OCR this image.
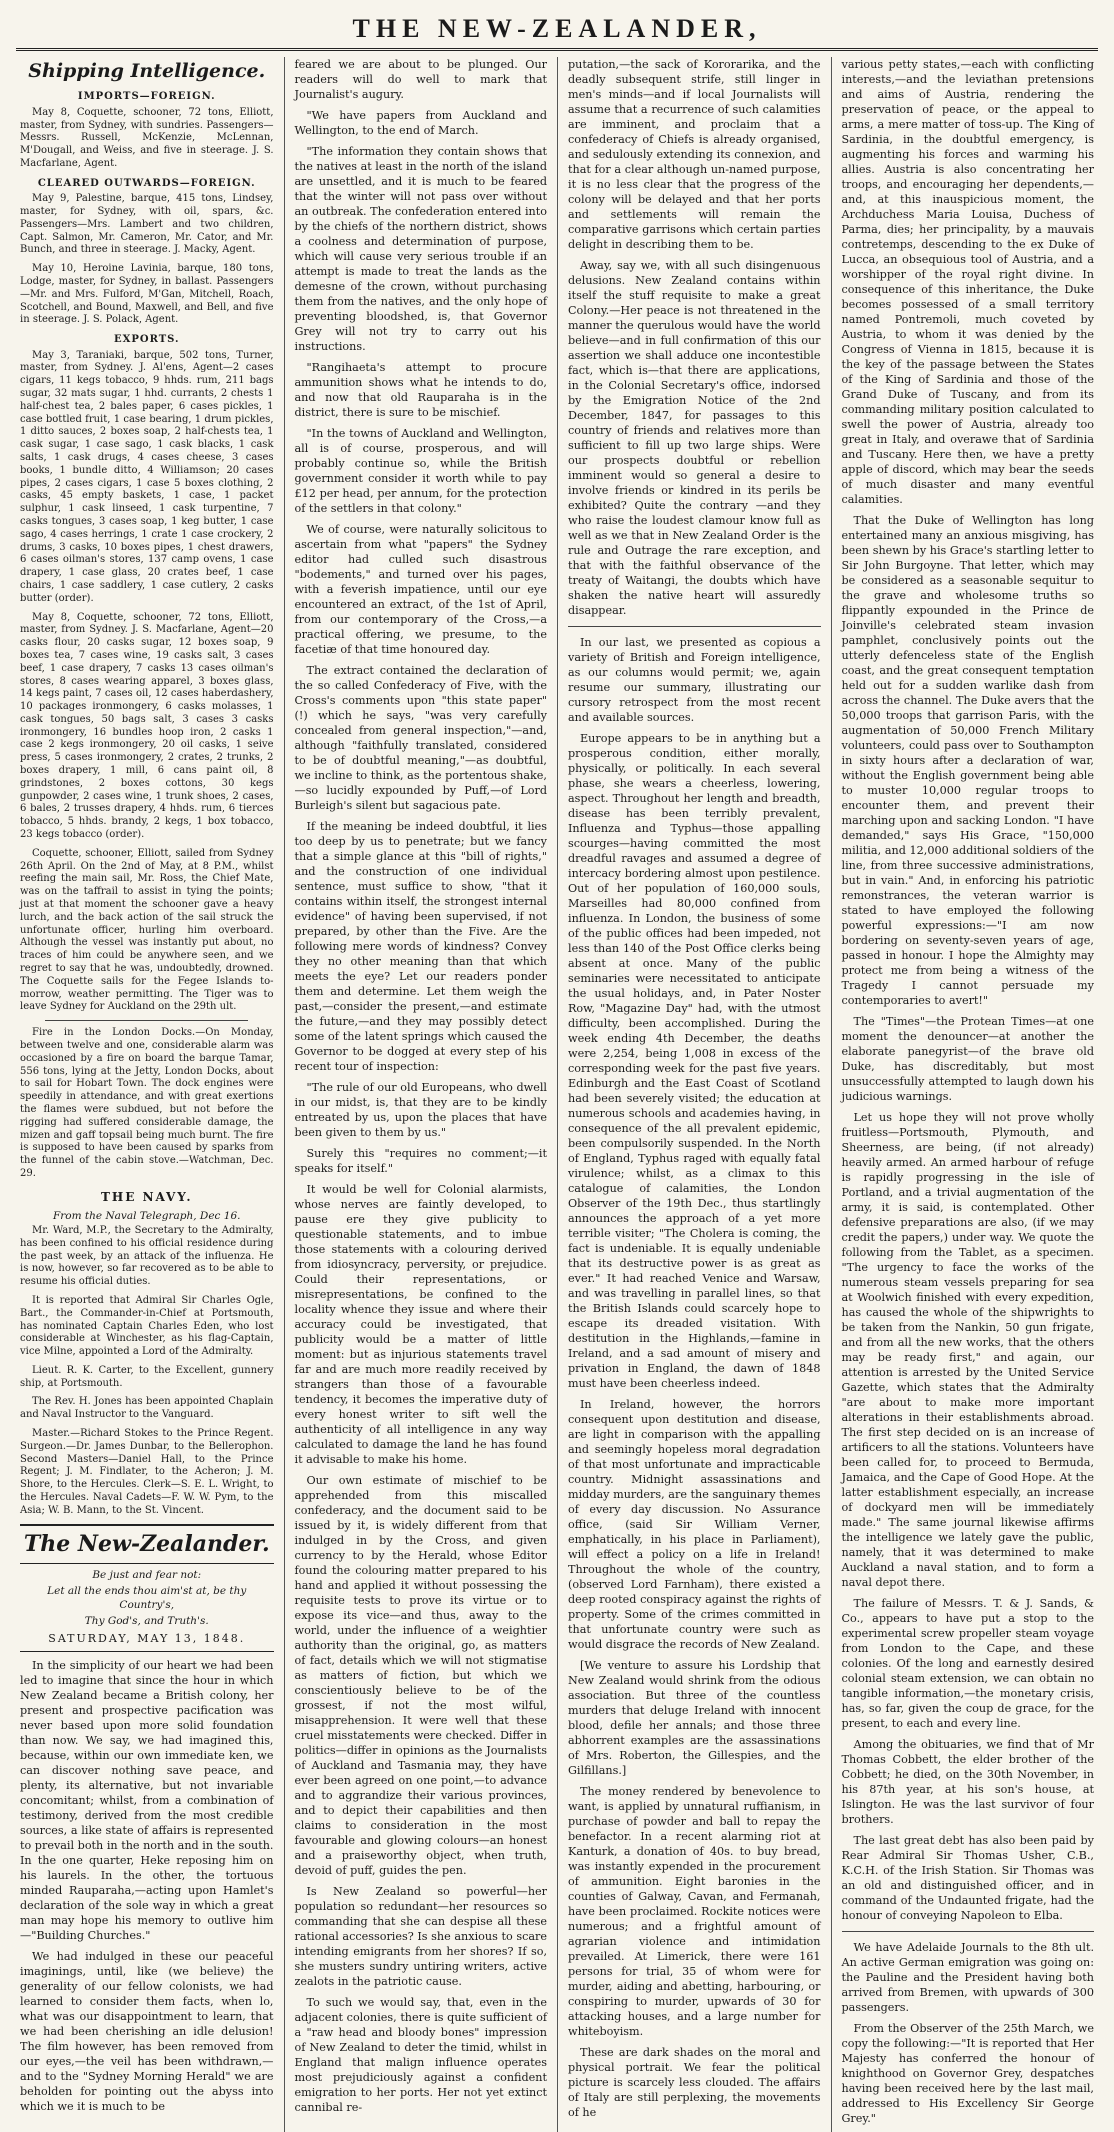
THE NEW-ZEALANDER,
Shipping Intelligence.
IMPORTS—FOREIGN.

May 8, Coquette, schooner, 72 tons, Elliott, master, from Sydney, with sundries. Passengers—Messrs. Russell, McKenzie, McLennan, M'Dougall, and Weiss, and five in steerage. J. S. Macfarlane, Agent.

CLEARED OUTWARDS—FOREIGN.

May 9, Palestine, barque, 415 tons, Lindsey, master, for Sydney, with oil, spars, &c. Passengers—Mrs. Lambert and two children, Capt. Salmon, Mr. Cameron, Mr. Cator, and Mr. Bunch, and three in steerage. J. Macky, Agent.

May 10, Heroine Lavinia, barque, 180 tons, Lodge, master, for Sydney, in ballast. Passengers—Mr. and Mrs. Fulford, M'Gan, Mitchell, Roach, Scotchell, and Bound, Maxwell, and Bell, and five in steerage. J. S. Polack, Agent.

EXPORTS.

May 3, Taraniaki, barque, 502 tons, Turner, master, from Sydney. J. Al'ens, Agent—2 cases cigars, 11 kegs tobacco, 9 hhds. rum, 211 bags sugar, 32 mats sugar, 1 hhd. currants, 2 chests 1 half-chest tea, 2 bales paper, 6 cases pickles, 1 case bottled fruit, 1 case bearing, 1 drum pickles, 1 ditto sauces, 2 boxes soap, 2 half-chests tea, 1 cask sugar, 1 case sago, 1 cask blacks, 1 cask salts, 1 cask drugs, 4 cases cheese, 3 cases books, 1 bundle ditto, 4 Williamson; 20 cases pipes, 2 cases cigars, 1 case 5 boxes clothing, 2 casks, 45 empty baskets, 1 case, 1 packet sulphur, 1 cask linseed, 1 cask turpentine, 7 casks tongues, 3 cases soap, 1 keg butter, 1 case sago, 4 cases herrings, 1 crate 1 case crockery, 2 drums, 3 casks, 10 boxes pipes, 1 chest drawers, 6 cases oilman's stores, 137 camp ovens, 1 case drapery, 1 case glass, 20 crates beef, 1 case chairs, 1 case saddlery, 1 case cutlery, 2 casks butter (order).

May 8, Coquette, schooner, 72 tons, Elliott, master, from Sydney. J. S. Macfarlane, Agent—20 casks flour, 20 casks sugar, 12 boxes soap, 9 boxes tea, 7 cases wine, 19 casks salt, 3 cases beef, 1 case drapery, 7 casks 13 cases oilman's stores, 8 cases wearing apparel, 3 boxes glass, 14 kegs paint, 7 cases oil, 12 cases haberdashery, 10 packages ironmongery, 6 casks molasses, 1 cask tongues, 50 bags salt, 3 cases 3 casks ironmongery, 16 bundles hoop iron, 2 casks 1 case 2 kegs ironmongery, 20 oil casks, 1 seive press, 5 cases ironmongery, 2 crates, 2 trunks, 2 boxes drapery, 1 mill, 6 cans paint oil, 8 grindstones, 2 boxes cottons, 30 kegs gunpowder, 2 cases wine, 1 trunk shoes, 2 cases, 6 bales, 2 trusses drapery, 4 hhds. rum, 6 tierces tobacco, 5 hhds. brandy, 2 kegs, 1 box tobacco, 23 kegs tobacco (order).

Coquette, schooner, Elliott, sailed from Sydney 26th April. On the 2nd of May, at 8 P.M., whilst reefing the main sail, Mr. Ross, the Chief Mate, was on the taffrail to assist in tying the points; just at that moment the schooner gave a heavy lurch, and the back action of the sail struck the unfortunate officer, hurling him overboard. Although the vessel was instantly put about, no traces of him could be anywhere seen, and we regret to say that he was, undoubtedly, drowned. The Coquette sails for the Fegee Islands to-morrow, weather permitting. The Tiger was to leave Sydney for Auckland on the 29th ult.

Fire in the London Docks.—On Monday, between twelve and one, considerable alarm was occasioned by a fire on board the barque Tamar, 556 tons, lying at the Jetty, London Docks, about to sail for Hobart Town. The dock engines were speedily in attendance, and with great exertions the flames were subdued, but not before the rigging had suffered considerable damage, the mizen and gaff topsail being much burnt. The fire is supposed to have been caused by sparks from the funnel of the cabin stove.—Watchman, Dec. 29.

THE NAVY.
From the Naval Telegraph, Dec 16.

Mr. Ward, M.P., the Secretary to the Admiralty, has been confined to his official residence during the past week, by an attack of the influenza. He is now, however, so far recovered as to be able to resume his official duties.

It is reported that Admiral Sir Charles Ogle, Bart., the Commander-in-Chief at Portsmouth, has nominated Captain Charles Eden, who lost considerable at Winchester, as his flag-Captain, vice Milne, appointed a Lord of the Admiralty.

Lieut. R. K. Carter, to the Excellent, gunnery ship, at Portsmouth.

The Rev. H. Jones has been appointed Chaplain and Naval Instructor to the Vanguard.

Master.—Richard Stokes to the Prince Regent. Surgeon.—Dr. James Dunbar, to the Bellerophon. Second Masters—Daniel Hall, to the Prince Regent; J. M. Findlater, to the Acheron; J. M. Shore, to the Hercules. Clerk—S. E. L. Wright, to the Hercules. Naval Cadets—F. W. W. Pym, to the Asia; W. B. Mann, to the St. Vincent.

The New-Zealander.
Be just and fear not:
Let all the ends thou aim'st at, be thy Country's,
Thy God's, and Truth's.
SATURDAY, MAY 13, 1848.

In the simplicity of our heart we had been led to imagine that since the hour in which New Zealand became a British colony, her present and prospective pacification was never based upon more solid foundation than now. We say, we had imagined this, because, within our own immediate ken, we can discover nothing save peace, and plenty, its alternative, but not invariable concomitant; whilst, from a combination of testimony, derived from the most credible sources, a like state of affairs is represented to prevail both in the north and in the south. In the one quarter, Heke reposing him on his laurels. In the other, the tortuous minded Rauparaha,—acting upon Hamlet's declaration of the sole way in which a great man may hope his memory to outlive him—"Building Churches."

We had indulged in these our peaceful imaginings, until, like (we believe) the generality of our fellow colonists, we had learned to consider them facts, when lo, what was our disappointment to learn, that we had been cherishing an idle delusion! The film however, has been removed from our eyes,—the veil has been withdrawn,—and to the "Sydney Morning Herald" we are beholden for pointing out the abyss into which we it is much to be

feared we are about to be plunged. Our readers will do well to mark that Journalist's augury.

"We have papers from Auckland and Wellington, to the end of March.

"The information they contain shows that the natives at least in the north of the island are unsettled, and it is much to be feared that the winter will not pass over without an outbreak. The confederation entered into by the chiefs of the northern district, shows a coolness and determination of purpose, which will cause very serious trouble if an attempt is made to treat the lands as the demesne of the crown, without purchasing them from the natives, and the only hope of preventing bloodshed, is, that Governor Grey will not try to carry out his instructions.

"Rangihaeta's attempt to procure ammunition shows what he intends to do, and now that old Rauparaha is in the district, there is sure to be mischief.

"In the towns of Auckland and Wellington, all is of course, prosperous, and will probably continue so, while the British government consider it worth while to pay £12 per head, per annum, for the protection of the settlers in that colony."

We of course, were naturally solicitous to ascertain from what "papers" the Sydney editor had culled such disastrous "bodements," and turned over his pages, with a feverish impatience, until our eye encountered an extract, of the 1st of April, from our contemporary of the Cross,—a practical offering, we presume, to the facetiæ of that time honoured day.

The extract contained the declaration of the so called Confederacy of Five, with the Cross's comments upon "this state paper" (!) which he says, "was very carefully concealed from general inspection,"—and, although "faithfully translated, considered to be of doubtful meaning,"—as doubtful, we incline to think, as the portentous shake,—so lucidly expounded by Puff,—of Lord Burleigh's silent but sagacious pate.

If the meaning be indeed doubtful, it lies too deep by us to penetrate; but we fancy that a simple glance at this "bill of rights," and the construction of one individual sentence, must suffice to show, "that it contains within itself, the strongest internal evidence" of having been supervised, if not prepared, by other than the Five. Are the following mere words of kindness? Convey they no other meaning than that which meets the eye? Let our readers ponder them and determine. Let them weigh the past,—consider the present,—and estimate the future,—and they may possibly detect some of the latent springs which caused the Governor to be dogged at every step of his recent tour of inspection:

"The rule of our old Europeans, who dwell in our midst, is, that they are to be kindly entreated by us, upon the places that have been given to them by us."

Surely this "requires no comment;—it speaks for itself."

It would be well for Colonial alarmists, whose nerves are faintly developed, to pause ere they give publicity to questionable statements, and to imbue those statements with a colouring derived from idiosyncracy, perversity, or prejudice. Could their representations, or misrepresentations, be confined to the locality whence they issue and where their accuracy could be investigated, that publicity would be a matter of little moment: but as injurious statements travel far and are much more readily received by strangers than those of a favourable tendency, it becomes the imperative duty of every honest writer to sift well the authenticity of all intelligence in any way calculated to damage the land he has found it advisable to make his home.

Our own estimate of mischief to be apprehended from this miscalled confederacy, and the document said to be issued by it, is widely different from that indulged in by the Cross, and given currency to by the Herald, whose Editor found the colouring matter prepared to his hand and applied it without possessing the requisite tests to prove its virtue or to expose its vice—and thus, away to the world, under the influence of a weightier authority than the original, go, as matters of fact, details which we will not stigmatise as matters of fiction, but which we conscientiously believe to be of the grossest, if not the most wilful, misapprehension. It were well that these cruel misstatements were checked. Differ in politics—differ in opinions as the Journalists of Auckland and Tasmania may, they have ever been agreed on one point,—to advance and to aggrandize their various provinces, and to depict their capabilities and then claims to consideration in the most favourable and glowing colours—an honest and a praiseworthy object, when truth, devoid of puff, guides the pen.

Is New Zealand so powerful—her population so redundant—her resources so commanding that she can despise all these rational accessories? Is she anxious to scare intending emigrants from her shores? If so, she musters sundry untiring writers, active zealots in the patriotic cause.

To such we would say, that, even in the adjacent colonies, there is quite sufficient of a "raw head and bloody bones" impression of New Zealand to deter the timid, whilst in England that malign influence operates most prejudiciously against a confident emigration to her ports. Her not yet extinct cannibal re-

putation,—the sack of Kororarika, and the deadly subsequent strife, still linger in men's minds—and if local Journalists will assume that a recurrence of such calamities are imminent, and proclaim that a confederacy of Chiefs is already organised, and sedulously extending its connexion, and that for a clear although un-named purpose, it is no less clear that the progress of the colony will be delayed and that her ports and settlements will remain the comparative garrisons which certain parties delight in describing them to be.

Away, say we, with all such disingenuous delusions. New Zealand contains within itself the stuff requisite to make a great Colony.—Her peace is not threatened in the manner the querulous would have the world believe—and in full confirmation of this our assertion we shall adduce one incontestible fact, which is—that there are applications, in the Colonial Secretary's office, indorsed by the Emigration Notice of the 2nd December, 1847, for passages to this country of friends and relatives more than sufficient to fill up two large ships. Were our prospects doubtful or rebellion imminent would so general a desire to involve friends or kindred in its perils be exhibited? Quite the contrary —and they who raise the loudest clamour know full as well as we that in New Zealand Order is the rule and Outrage the rare exception, and that with the faithful observance of the treaty of Waitangi, the doubts which have shaken the native heart will assuredly disappear.

In our last, we presented as copious a variety of British and Foreign intelligence, as our columns would permit; we, again resume our summary, illustrating our cursory retrospect from the most recent and available sources.

Europe appears to be in anything but a prosperous condition, either morally, physically, or politically. In each several phase, she wears a cheerless, lowering, aspect. Throughout her length and breadth, disease has been terribly prevalent, Influenza and Typhus—those appalling scourges—having committed the most dreadful ravages and assumed a degree of intercacy bordering almost upon pestilence. Out of her population of 160,000 souls, Marseilles had 80,000 confined from influenza. In London, the business of some of the public offices had been impeded, not less than 140 of the Post Office clerks being absent at once. Many of the public seminaries were necessitated to anticipate the usual holidays, and, in Pater Noster Row, "Magazine Day" had, with the utmost difficulty, been accomplished. During the week ending 4th December, the deaths were 2,254, being 1,008 in excess of the corresponding week for the past five years. Edinburgh and the East Coast of Scotland had been severely visited; the education at numerous schools and academies having, in consequence of the all prevalent epidemic, been compulsorily suspended. In the North of England, Typhus raged with equally fatal virulence; whilst, as a climax to this catalogue of calamities, the London Observer of the 19th Dec., thus startlingly announces the approach of a yet more terrible visiter; "The Cholera is coming, the fact is undeniable. It is equally undeniable that its destructive power is as great as ever." It had reached Venice and Warsaw, and was travelling in parallel lines, so that the British Islands could scarcely hope to escape its dreaded visitation. With destitution in the Highlands,—famine in Ireland, and a sad amount of misery and privation in England, the dawn of 1848 must have been cheerless indeed.

In Ireland, however, the horrors consequent upon destitution and disease, are light in comparison with the appalling and seemingly hopeless moral degradation of that most unfortunate and impracticable country. Midnight assassinations and midday murders, are the sanguinary themes of every day discussion. No Assurance office, (said Sir William Verner, emphatically, in his place in Parliament), will effect a policy on a life in Ireland! Throughout the whole of the country, (observed Lord Farnham), there existed a deep rooted conspiracy against the rights of property. Some of the crimes committed in that unfortunate country were such as would disgrace the records of New Zealand.

[We venture to assure his Lordship that New Zealand would shrink from the odious association. But three of the countless murders that deluge Ireland with innocent blood, defile her annals; and those three abhorrent examples are the assassinations of Mrs. Roberton, the Gillespies, and the Gilfillans.]

The money rendered by benevolence to want, is applied by unnatural ruffianism, in purchase of powder and ball to repay the benefactor. In a recent alarming riot at Kanturk, a donation of 40s. to buy bread, was instantly expended in the procurement of ammunition. Eight baronies in the counties of Galway, Cavan, and Fermanah, have been proclaimed. Rockite notices were numerous; and a frightful amount of agrarian violence and intimidation prevailed. At Limerick, there were 161 persons for trial, 35 of whom were for murder, aiding and abetting, harbouring, or conspiring to murder, upwards of 30 for attacking houses, and a large number for whiteboyism.

These are dark shades on the moral and physical portrait. We fear the political picture is scarcely less clouded. The affairs of Italy are still perplexing, the movements of he

various petty states,—each with conflicting interests,—and the leviathan pretensions and aims of Austria, rendering the preservation of peace, or the appeal to arms, a mere matter of toss-up. The King of Sardinia, in the doubtful emergency, is augmenting his forces and warming his allies. Austria is also concentrating her troops, and encouraging her dependents,—and, at this inauspicious moment, the Archduchess Maria Louisa, Duchess of Parma, dies; her principality, by a mauvais contretemps, descending to the ex Duke of Lucca, an obsequious tool of Austria, and a worshipper of the royal right divine. In consequence of this inheritance, the Duke becomes possessed of a small territory named Pontremoli, much coveted by Austria, to whom it was denied by the Congress of Vienna in 1815, because it is the key of the passage between the States of the King of Sardinia and those of the Grand Duke of Tuscany, and from its commanding military position calculated to swell the power of Austria, already too great in Italy, and overawe that of Sardinia and Tuscany. Here then, we have a pretty apple of discord, which may bear the seeds of much disaster and many eventful calamities.

That the Duke of Wellington has long entertained many an anxious misgiving, has been shewn by his Grace's startling letter to Sir John Burgoyne. That letter, which may be considered as a seasonable sequitur to the grave and wholesome truths so flippantly expounded in the Prince de Joinville's celebrated steam invasion pamphlet, conclusively points out the utterly defenceless state of the English coast, and the great consequent temptation held out for a sudden warlike dash from across the channel. The Duke avers that the 50,000 troops that garrison Paris, with the augmentation of 50,000 French Military volunteers, could pass over to Southampton in sixty hours after a declaration of war, without the English government being able to muster 10,000 regular troops to encounter them, and prevent their marching upon and sacking London. "I have demanded," says His Grace, "150,000 militia, and 12,000 additional soldiers of the line, from three successive administrations, but in vain." And, in enforcing his patriotic remonstrances, the veteran warrior is stated to have employed the following powerful expressions:—"I am now bordering on seventy-seven years of age, passed in honour. I hope the Almighty may protect me from being a witness of the Tragedy I cannot persuade my contemporaries to avert!"

The "Times"—the Protean Times—at one moment the denouncer—at another the elaborate panegyrist—of the brave old Duke, has discreditably, but most unsuccessfully attempted to laugh down his judicious warnings.

Let us hope they will not prove wholly fruitless—Portsmouth, Plymouth, and Sheerness, are being, (if not already) heavily armed. An armed harbour of refuge is rapidly progressing in the isle of Portland, and a trivial augmentation of the army, it is said, is contemplated. Other defensive preparations are also, (if we may credit the papers,) under way. We quote the following from the Tablet, as a specimen. "The urgency to face the works of the numerous steam vessels preparing for sea at Woolwich finished with every expedition, has caused the whole of the shipwrights to be taken from the Nankin, 50 gun frigate, and from all the new works, that the others may be ready first," and again, our attention is arrested by the United Service Gazette, which states that the Admiralty "are about to make more important alterations in their establishments abroad. The first step decided on is an increase of artificers to all the stations. Volunteers have been called for, to proceed to Bermuda, Jamaica, and the Cape of Good Hope. At the latter establishment especially, an increase of dockyard men will be immediately made." The same journal likewise affirms the intelligence we lately gave the public, namely, that it was determined to make Auckland a naval station, and to form a naval depot there.

The failure of Messrs. T. & J. Sands, & Co., appears to have put a stop to the experimental screw propeller steam voyage from London to the Cape, and these colonies. Of the long and earnestly desired colonial steam extension, we can obtain no tangible information,—the monetary crisis, has, so far, given the coup de grace, for the present, to each and every line.

Among the obituaries, we find that of Mr Thomas Cobbett, the elder brother of the Cobbett; he died, on the 30th November, in his 87th year, at his son's house, at Islington. He was the last survivor of four brothers.

The last great debt has also been paid by Rear Admiral Sir Thomas Usher, C.B., K.C.H. of the Irish Station. Sir Thomas was an old and distinguished officer, and in command of the Undaunted frigate, had the honour of conveying Napoleon to Elba.

We have Adelaide Journals to the 8th ult. An active German emigration was going on: the Pauline and the President having both arrived from Bremen, with upwards of 300 passengers.

From the Observer of the 25th March, we copy the following:—"It is reported that Her Majesty has conferred the honour of knighthood on Governor Grey, despatches having been received here by the last mail, addressed to His Excellency Sir George Grey."
